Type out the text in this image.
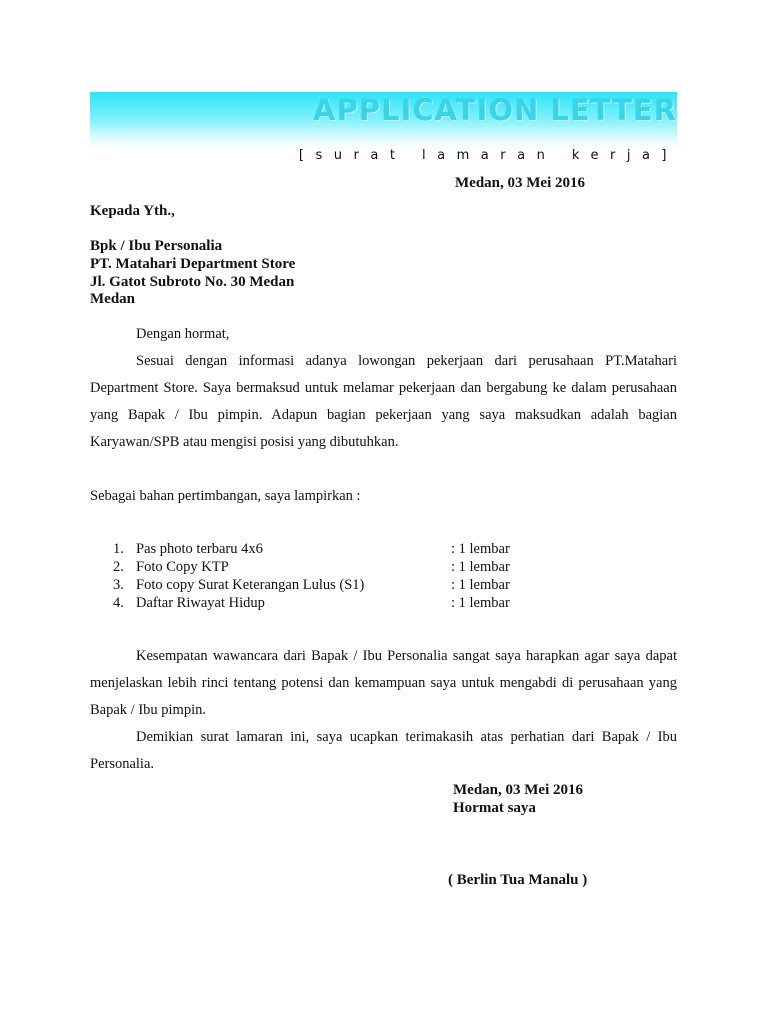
APPLICATION LETTER
[surat lamaran kerja]
Medan, 03 Mei 2016
Kepada Yth.,
Bpk / Ibu Personalia
PT. Matahari Department Store
Jl. Gatot Subroto No. 30 Medan
Medan
Dengan hormat,
Sesuai dengan informasi adanya lowongan pekerjaan dari perusahaan PT.Matahari Department Store. Saya bermaksud untuk melamar pekerjaan dan bergabung ke dalam perusahaan yang Bapak / Ibu pimpin. Adapun bagian pekerjaan yang saya maksudkan adalah bagian Karyawan/SPB atau mengisi posisi yang dibutuhkan.
Sebagai bahan pertimbangan, saya lampirkan :
1. Pas photo terbaru 4x6	: 1 lembar
2. Foto Copy KTP	: 1 lembar
3. Foto copy Surat Keterangan Lulus (S1)	: 1 lembar
4. Daftar Riwayat Hidup	: 1 lembar
Kesempatan wawancara dari Bapak / Ibu Personalia sangat saya harapkan agar saya dapat menjelaskan lebih rinci tentang potensi dan kemampuan saya untuk mengabdi di perusahaan yang Bapak / Ibu pimpin.
Demikian surat lamaran ini, saya ucapkan terimakasih atas perhatian dari Bapak / Ibu Personalia.
Medan, 03 Mei 2016
Hormat saya
( Berlin Tua Manalu )
